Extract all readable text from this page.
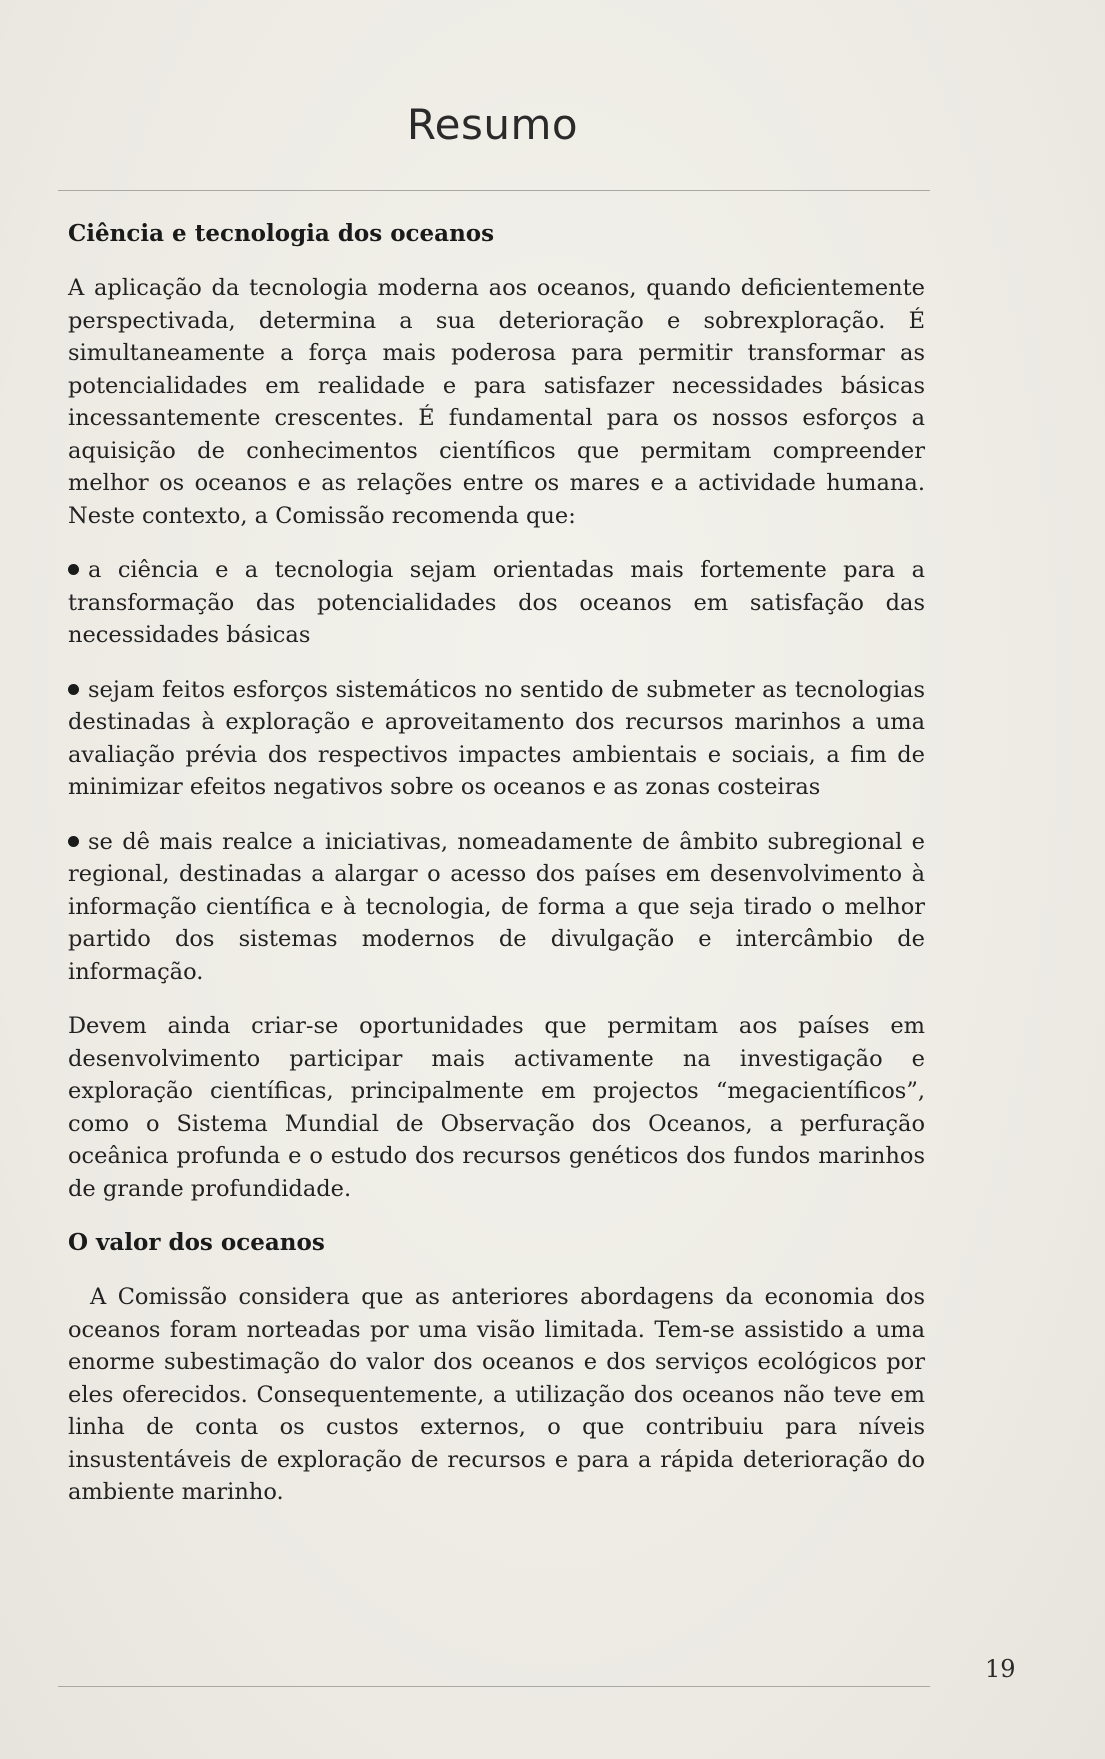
Resumo
Ciência e tecnologia dos oceanos

A aplicação da tecnologia moderna aos oceanos, quando deficientemente perspectivada, determina a sua deterioração e sobrexploração. É simultaneamente a força mais poderosa para permitir transformar as potencialidades em realidade e para satisfazer necessidades básicas incessantemente crescentes. É fundamental para os nossos esforços a aquisição de conhecimentos científicos que permitam compreender melhor os oceanos e as relações entre os mares e a actividade humana. Neste contexto, a Comissão recomenda que:

a ciência e a tecnologia sejam orientadas mais fortemente para a transformação das potencialidades dos oceanos em satisfação das necessidades básicas

sejam feitos esforços sistemáticos no sentido de submeter as tecnologias destinadas à exploração e aproveitamento dos recursos marinhos a uma avaliação prévia dos respectivos impactes ambientais e sociais, a fim de minimizar efeitos negativos sobre os oceanos e as zonas costeiras

se dê mais realce a iniciativas, nomeadamente de âmbito subregional e regional, destinadas a alargar o acesso dos países em desenvolvimento à informação científica e à tecnologia, de forma a que seja tirado o melhor partido dos sistemas modernos de divulgação e intercâmbio de informação.

Devem ainda criar-se oportunidades que permitam aos países em desenvolvimento participar mais activamente na investigação e exploração científicas, principalmente em projectos “megacientíficos”, como o Sistema Mundial de Observação dos Oceanos, a perfuração oceânica profunda e o estudo dos recursos genéticos dos fundos marinhos de grande profundidade.

O valor dos oceanos

A Comissão considera que as anteriores abordagens da economia dos oceanos foram norteadas por uma visão limitada. Tem-se assistido a uma enorme subestimação do valor dos oceanos e dos serviços ecológicos por eles oferecidos. Consequentemente, a utilização dos oceanos não teve em linha de conta os custos externos, o que contribuiu para níveis insustentáveis de exploração de recursos e para a rápida deterioração do ambiente marinho.

19
